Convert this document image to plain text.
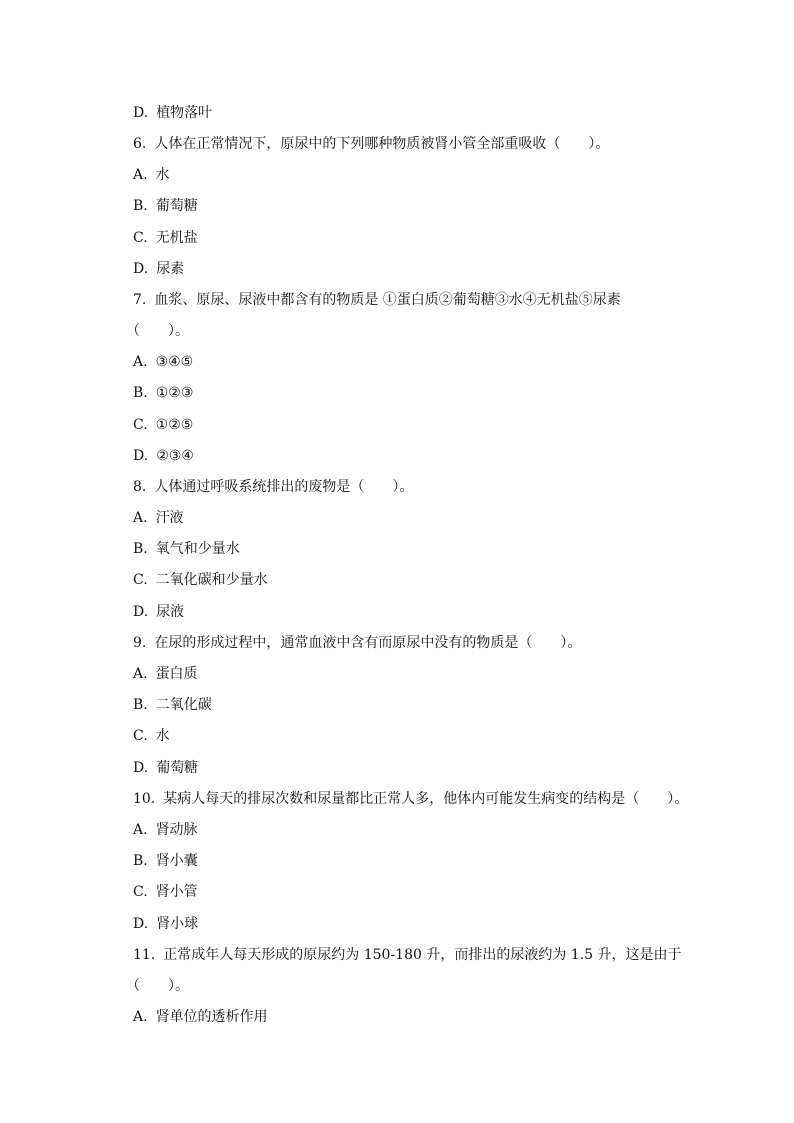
D. 植物落叶
6. 人体在正常情况下，原尿中的下列哪种物质被肾小管全部重吸收（　　）。
A. 水
B. 葡萄糖
C. 无机盐
D. 尿素
7. 血浆、原尿、尿液中都含有的物质是 ①蛋白质②葡萄糖③水④无机盐⑤尿素
（　　）。
A. ③④⑤
B. ①②③
C. ①②⑤
D. ②③④
8. 人体通过呼吸系统排出的废物是（　　）。
A. 汗液
B. 氧气和少量水
C. 二氧化碳和少量水
D. 尿液
9. 在尿的形成过程中，通常血液中含有而原尿中没有的物质是（　　）。
A. 蛋白质
B. 二氧化碳
C. 水
D. 葡萄糖
10. 某病人每天的排尿次数和尿量都比正常人多，他体内可能发生病变的结构是（　　）。
A. 肾动脉
B. 肾小囊
C. 肾小管
D. 肾小球
11. 正常成年人每天形成的原尿约为 150-180 升，而排出的尿液约为 1.5 升，这是由于
（　　）。
A. 肾单位的透析作用
